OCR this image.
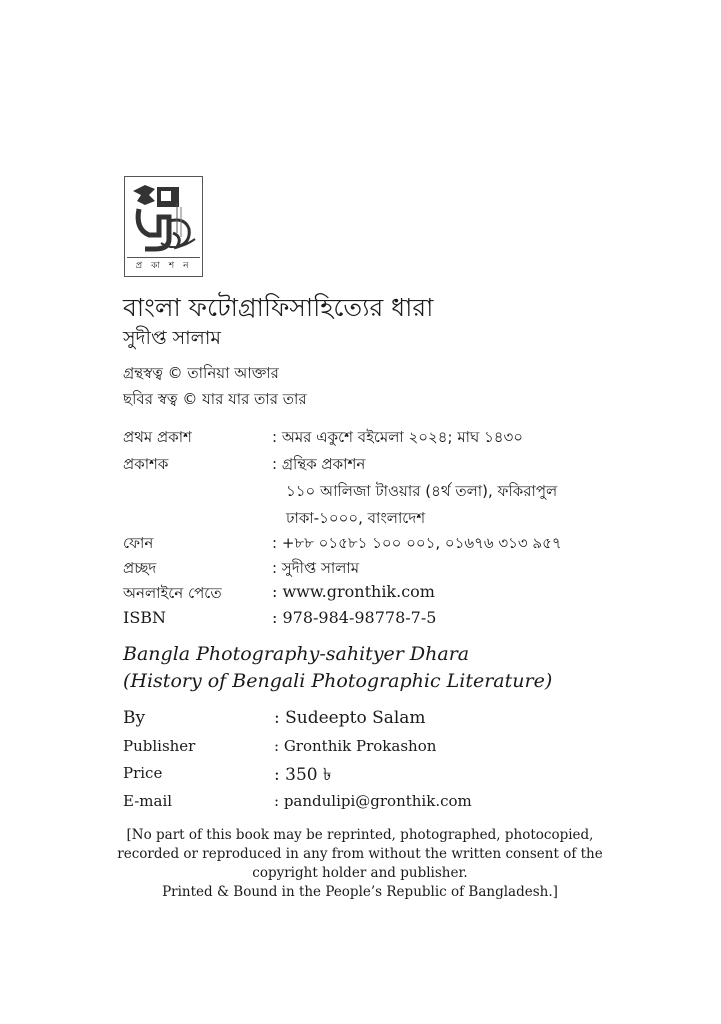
প্র কা শ ন
বাংলা ফটোগ্রাফিসাহিত্যের ধারা
সুদীপ্ত সালাম
গ্রন্থস্বত্ব © তানিয়া আক্তার
ছবির স্বত্ব © যার যার তার তার
প্রথম প্রকাশ	: অমর একুশে বইমেলা ২০২৪; মাঘ ১৪৩০
প্রকাশক	: গ্রন্থিক প্রকাশন
১১০ আলিজা টাওয়ার (৪র্থ তলা), ফকিরাপুল
ঢাকা-১০০০, বাংলাদেশ
ফোন	: +৮৮ ০১৫৮১ ১০০ ০০১, ০১৬৭৬ ৩১৩ ৯৫৭
প্রচ্ছদ	: সুদীপ্ত সালাম
অনলাইনে পেতে	: www.gronthik.com
ISBN	: 978-984-98778-7-5
Bangla Photography-sahityer Dhara
(History of Bengali Photographic Literature)
By	: Sudeepto Salam
Publisher	: Gronthik Prokashon
Price	: 350 ৳
E-mail	: pandulipi@gronthik.com
[No part of this book may be reprinted, photographed, photocopied,
recorded or reproduced in any from without the written consent of the
copyright holder and publisher.
Printed & Bound in the People’s Republic of Bangladesh.]
